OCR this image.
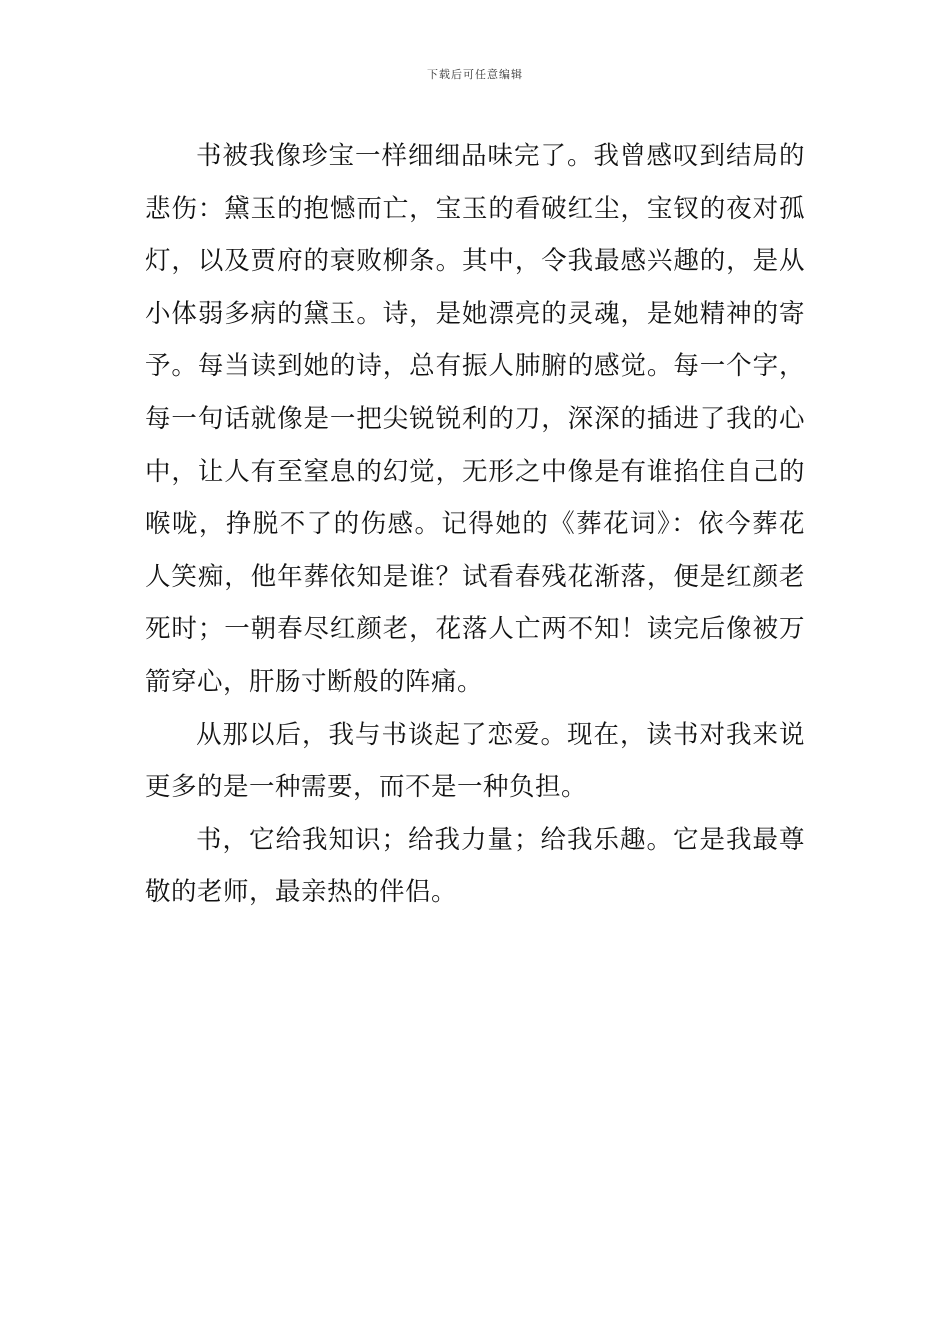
下载后可任意编辑

书被我像珍宝一样细细品味完了。我曾感叹到结局的悲伤：黛玉的抱憾而亡，宝玉的看破红尘，宝钗的夜对孤灯，以及贾府的衰败柳条。其中，令我最感兴趣的，是从小体弱多病的黛玉。诗，是她漂亮的灵魂，是她精神的寄予。每当读到她的诗，总有振人肺腑的感觉。每一个字，每一句话就像是一把尖锐锐利的刀，深深的插进了我的心中，让人有至窒息的幻觉，无形之中像是有谁掐住自己的喉咙，挣脱不了的伤感。记得她的《葬花词》：依今葬花人笑痴，他年葬依知是谁？试看春残花渐落，便是红颜老死时；一朝春尽红颜老，花落人亡两不知！读完后像被万箭穿心，肝肠寸断般的阵痛。

从那以后，我与书谈起了恋爱。现在，读书对我来说更多的是一种需要，而不是一种负担。

书，它给我知识；给我力量；给我乐趣。它是我最尊敬的老师，最亲热的伴侣。
